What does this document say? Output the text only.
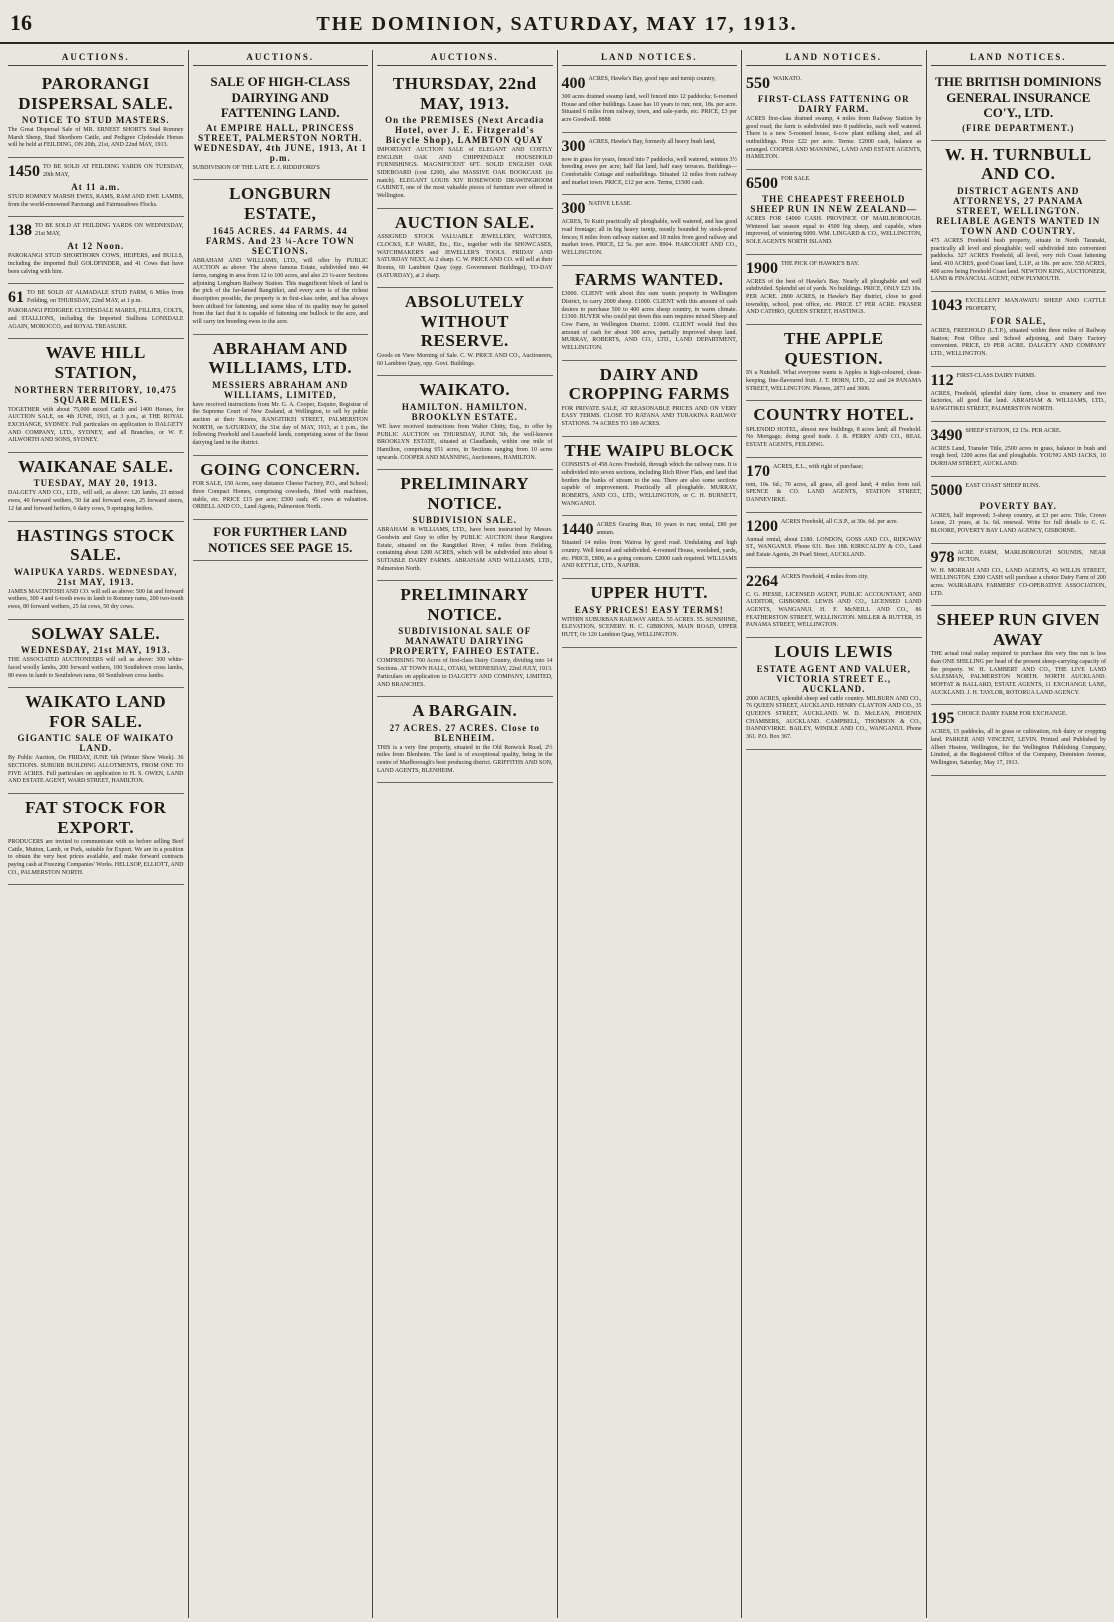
16	THE DOMINION, SATURDAY, MAY 17, 1913.
AUCTIONS.
PARORANGI DISPERSAL SALE.
NOTICE TO STUD MASTERS.
The Great Dispersal Sale of MR. ERNEST SHORT'S Stud Romney Marsh Sheep, Stud Shorthorn Cattle, and Pedigree Clydesdale Horses will be held at FEILDING, ON 20th, 21st, AND 22nd MAY, 1913.
1450 TO BE SOLD AT FEILDING YARDS ON TUESDAY, 20th MAY,
At 11 a.m.
STUD ROMNEY MARSH EWES, RAMS, RAM AND EWE LAMBS, from the world-renowned Parorangi and Fairmeadows Flocks.
138 TO BE SOLD AT FEILDING YARDS ON WEDNESDAY, 21st MAY,
At 12 Noon.
PARORANGI STUD SHORTHORN COWS, HEIFERS, and BULLS, including the imported Bull GOLDFINDER, and 41 Cows that have been calving with him.
61 TO BE SOLD AT ALMADALE STUD FARM, 6 Miles from Feilding, on THURSDAY, 22nd MAY, at 1 p.m.
PARORANGI PEDIGREE CLYDESDALE MARES, FILLIES, COLTS, and STALLIONS, including the Imported Stallions LONSDALE AGAIN, MOROCCO, and ROYAL TREASURE.
WAVE HILL STATION,
NORTHERN TERRITORY, 10,475 SQUARE MILES.
TOGETHER with about 75,000 mixed Cattle and 1400 Horses, for AUCTION SALE, on 4th JUNE, 1913, at 3 p.m., at THE ROYAL EXCHANGE, SYDNEY. Full particulars on application to DALGETY AND COMPANY, LTD., SYDNEY, and all Branches, or W. F. AILWORTH AND SONS, SYDNEY.
WAIKANAE SALE.
TUESDAY, MAY 20, 1913.
DALGETY AND CO., LTD., will sell, as above: 120 lambs, 23 mixed ewes, 40 forward wethers, 50 fat and forward ewes, 25 forward steers, 12 fat and forward heifers, 6 dairy cows, 9 springing heifers.
HASTINGS STOCK SALE.
WAIPUKA YARDS. WEDNESDAY, 21st MAY, 1913.
JAMES MACINTOSH AND CO. will sell as above: 500 fat and forward wethers, 300 4 and 6-tooth ewes in lamb to Romney rams, 200 two-tooth ewes, 80 forward wethers, 25 fat cows, 50 dry cows.
SOLWAY SALE.
WEDNESDAY, 21st MAY, 1913.
THE ASSOCIATED AUCTIONEERS will sell as above: 300 white-faced woolly lambs, 200 forward wethers, 100 Southdown cross lambs, 80 ewes in lamb to Southdown rams, 60 Southdown cross lambs.
WAIKATO LAND FOR SALE.
GIGANTIC SALE OF WAIKATO LAND.
By Public Auction, On FRIDAY, JUNE 6th (Winter Show Week). 36 SECTIONS. SUBURB BUILDING ALLOTMENTS, FROM ONE TO FIVE ACRES. Full particulars on application to H. S. OWEN, LAND AND ESTATE AGENT, WARD STREET, HAMILTON.
FAT STOCK FOR EXPORT.
PRODUCERS are invited to communicate with us before selling Beef Cattle, Mutton, Lamb, or Pork, suitable for Export. We are in a position to obtain the very best prices available, and make forward contracts paying cash at Freezing Companies' Works. HELLSOP, ELLIOTT, AND CO., PALMERSTON NORTH.
AUCTIONS.
SALE OF HIGH-CLASS DAIRYING AND FATTENING LAND.
At EMPIRE HALL, PRINCESS STREET, PALMERSTON NORTH. WEDNESDAY, 4th JUNE, 1913, At 1 p.m.
SUBDIVISION OF THE LATE E. J. RIDDIFORD'S
LONGBURN ESTATE,
1645 ACRES. 44 FARMS. 44 FARMS. And 23 ¼-Acre TOWN SECTIONS.
ABRAHAM AND WILLIAMS, LTD., will offer by PUBLIC AUCTION as above: The above famous Estate, subdivided into 44 farms, ranging in area from 12 to 100 acres, and also 23 ¼-acre Sections adjoining Longburn Railway Station. This magnificent block of land is the pick of the far-famed Rangitikei, and every acre is of the richest description possible, the property is in first-class order, and has always been utilised for fattening, and some idea of its quality may be gained from the fact that it is capable of fattening one bullock to the acre, and will carry ten breeding ewes to the acre.
ABRAHAM AND WILLIAMS, LTD.
MESSIERS ABRAHAM AND WILLIAMS, LIMITED,
have received instructions from Mr. G. A. Cooper, Esquire, Registrar of the Supreme Court of New Zealand, at Wellington, to sell by public auction at their Rooms, RANGITIKEI STREET, PALMERSTON NORTH, on SATURDAY, the 31st day of MAY, 1913, at 1 p.m., the following Freehold and Leasehold lands, comprising some of the finest dairying land in the district.
GOING CONCERN.
FOR SALE, 150 Acres, easy distance Cheese Factory, P.O., and School; three Compact Homes, comprising cowsheds, fitted with machines, stable, etc. PRICE £15 per acre; £500 cash; 45 cows at valuation. ORBELL AND CO., Land Agents, Palmerston North.
FOR FURTHER LAND NOTICES SEE PAGE 15.
AUCTIONS.
THURSDAY, 22nd MAY, 1913.
On the PREMISES (Next Arcadia Hotel, over J. E. Fitzgerald's Bicycle Shop), LAMBTON QUAY
IMPORTANT AUCTION SALE of ELEGANT AND COSTLY ENGLISH OAK AND CHIPPENDALE HOUSEHOLD FURNISHINGS. MAGNIFICENT 6FT. SOLID ENGLISH OAK SIDEBOARD (cost £200), also MASSIVE OAK BOOKCASE (to match). ELEGANT LOUIS XIV ROSEWOOD DRAWINGROOM CABINET, one of the most valuable pieces of furniture ever offered in Wellington.
AUCTION SALE.
ASSIGNED STOCK VALUABLE JEWELLERY, WATCHES, CLOCKS, E.P. WARE, Etc., Etc., together with the SHOWCASES, WATCHMAKER'S and JEWELLER'S TOOLS. FRIDAY AND SATURDAY NEXT, At 2 sharp. C. W. PRICE AND CO. will sell at their Rooms, 60 Lambton Quay (opp. Government Buildings), TO-DAY (SATURDAY), at 2 sharp.
ABSOLUTELY WITHOUT RESERVE.
Goods on View Morning of Sale. C. W. PRICE AND CO., Auctioneers, 60 Lambton Quay, opp. Govt. Buildings.
WAIKATO.
HAMILTON. HAMILTON. BROOKLYN ESTATE.
WE have received instructions from Walter Chitty, Esq., to offer by PUBLIC AUCTION on THURSDAY, JUNE 5th, the well-known BROOKLYN ESTATE, situated at Claudlands, within one mile of Hamilton, comprising 651 acres, in Sections ranging from 10 acres upwards. COOPER AND MANNING, Auctioneers, HAMILTON.
PRELIMINARY NOTICE.
SUBDIVISION SALE.
ABRAHAM & WILLIAMS, LTD., have been instructed by Messrs. Goodwin and Gray to offer by PUBLIC AUCTION these Rangiora Estate, situated on the Rangitikei River, 4 miles from Feilding, containing about 1200 ACRES, which will be subdivided into about 6 SUITABLE DAIRY FARMS. ABRAHAM AND WILLIAMS, LTD., Palmerston North.
PRELIMINARY NOTICE.
SUBDIVISIONAL SALE OF MANAWATU DAIRYING PROPERTY, FAIHEO ESTATE.
COMPRISING 700 Acres of first-class Dairy Country, dividing into 14 Sections. AT TOWN HALL, OTAKI, WEDNESDAY, 22nd JULY, 1913. Particulars on application to DALGETY AND COMPANY, LIMITED, AND BRANCHES.
A BARGAIN.
27 ACRES. 27 ACRES. Close to BLENHEIM.
THIS is a very fine property, situated in the Old Renwick Road, 2½ miles from Blenheim. The land is of exceptional quality, being in the centre of Marlborough's best producing district. GRIFFITHS AND SON, LAND AGENTS, BLENHEIM.
LAND NOTICES.
400 ACRES, Hawke's Bay, good rape and turnip country,
300 acres drained swamp land, well fenced into 12 paddocks; 6-roomed House and other buildings. Lease has 10 years to run; rent, 18s. per acre. Situated 6 miles from railway, town, and sale-yards, etc. PRICE, £3 per acre Goodwill. 8888
300 ACRES, Hawke's Bay, formerly all heavy bush land,
now in grass for years, fenced into 7 paddocks, well watered, winters 3½ breeding ewes per acre; half flat land, half easy terraces. Buildings—Comfortable Cottage and outbuildings. Situated 12 miles from railway and market town. PRICE, £12 per acre. Terms, £1500 cash.
300 NATIVE LEASE.
ACRES, Te Kuiti practically all ploughable, well watered, and has good road frontage; all in big heavy turnip, mostly bounded by stock-proof fences; 8 miles from railway station and 18 miles from good railway and market town. PRICE, £2 5s. per acre. 8904. HARCOURT AND CO., WELLINGTON.
FARMS WANTED.
£3000. CLIENT with about this sum wants property in Wellington District, to carry 2000 sheep. £1000. CLIENT with this amount of cash desires to purchase 500 to 400 acres sheep country, in warm climate. £1300. BUYER who could put down this sum requires mixed Sheep and Cow Farm, in Wellington District. £1000. CLIENT would find this amount of cash for about 300 acres, partially improved sheep land. MURRAY, ROBERTS, AND CO., LTD., LAND DEPARTMENT, WELLINGTON.
DAIRY AND CROPPING FARMS
FOR PRIVATE SALE, AT REASONABLE PRICES AND ON VERY EASY TERMS. CLOSE TO RATANA AND TURAKINA RAILWAY STATIONS. 74 ACRES TO 189 ACRES.
THE WAIPU BLOCK
CONSISTS of 458 Acres Freehold, through which the railway runs. It is subdivided into seven sections, including Rich River Flats, and land that borders the banks of stream to the sea. There are also some sections capable of improvement. Practically all ploughable. MURRAY, ROBERTS, AND CO., LTD., WELLINGTON, or C. H. BURNETT, WANGANUI.
1440 ACRES Grazing Run, 16 years to run; rental, £80 per annum.
Situated 14 miles from Wairoa by good road. Undulating and high country. Well fenced and subdivided. 4-roomed House, woolshed, yards, etc. PRICE, £800, as a going concern. £2000 cash required. WILLIAMS AND KETTLE, LTD., NAPIER.
UPPER HUTT.
EASY PRICES! EASY TERMS!
WITHIN SUBURBAN RAILWAY AREA. 55 ACRES. 55. SUNSHINE, ELEVATION, SCENERY. H. C. GIBBONS, MAIN ROAD, UPPER HUTT, Or 120 Lambton Quay, WELLINGTON.
LAND NOTICES.
550 WAIKATO.
FIRST-CLASS FATTENING OR DAIRY FARM.
ACRES first-class drained swamp, 4 miles from Railway Station by good road; the farm is subdivided into 8 paddocks, each well watered. There is a new 5-roomed house, 6-cow plant milking shed, and all outbuildings. Price £22 per acre. Terms: £2000 cash, balance as arranged. COOPER AND MANNING, LAND AND ESTATE AGENTS, HAMILTON.
6500 FOR SALE.
THE CHEAPEST FREEHOLD SHEEP RUN IN NEW ZEALAND—
ACRES FOR £4000 CASH. PROVINCE OF MARLBOROUGH. Wintered last season equal to 4500 big sheep, and capable, when improved, of wintering 6000. WM. LINGARD & CO., WELLINGTON, SOLE AGENTS NORTH ISLAND.
1900 THE PICK OF HAWKE'S BAY.
ACRES of the best of Hawke's Bay. Nearly all ploughable and well subdivided. Splendid set of yards. No buildings. PRICE, ONLY £23 10s. PER ACRE. 2800 ACRES, in Hawke's Bay district, close to good township, school, post office, etc. PRICE £7 PER ACRE. FRASER AND CATHRO, QUEEN STREET, HASTINGS.
THE APPLE QUESTION.
IN a Nutshell. What everyone wants is Apples is high-coloured, clean-keeping, fine-flavoured fruit. J. T. HORN, LTD., 22 and 24 PANAMA STREET, WELLINGTON. Phones, 2873 and 3606.
COUNTRY HOTEL.
SPLENDID HOTEL, almost new buildings, 8 acres land; all Freehold. No Mortgage; doing good trade. J. R. PERRY AND CO., REAL ESTATE AGENTS, FEILDING.
170 ACRES, E.L., with right of purchase;
rent, 10s. 6d.; 70 acres, all grass, all good land; 4 miles from rail. SPENCE & CO. LAND AGENTS, STATION STREET, DANNEVIRKE.
1200 ACRES Freehold, all C.S.P., at 30s. 6d. per acre.
Annual rental, about £180. LONDON, GOSS AND CO., RIDGWAY ST., WANGANUI. Phone 631. Box 188. KIRKCALDY & CO., Land and Estate Agents, 29 Pearl Street, AUCKLAND.
2264 ACRES Freehold, 4 miles from city.
C. G. PIESSE, LICENSED AGENT, PUBLIC ACCOUNTANT, AND AUDITOR, GISBORNE. LEWIS AND CO., LICENSED LAND AGENTS, WANGANUI. H. F. McNEILL AND CO., 86 FEATHERSTON STREET, WELLINGTON. MILLER & RUTTER, 35 PANAMA STREET, WELLINGTON.
LOUIS LEWIS
ESTATE AGENT AND VALUER, VICTORIA STREET E., AUCKLAND.
2000 ACRES, splendid sheep and cattle country. MILBURN AND CO., 76 QUEEN STREET, AUCKLAND. HENRY CLAYTON AND CO., 35 QUEEN'S STREET, AUCKLAND. W. D. McLEAN, PHOENIX CHAMBERS, AUCKLAND. CAMPBELL, THOMSON & CO., DANNEVIRKE. BAILEY, WINDLE AND CO., WANGANUI. Phone 361. P.O. Box 367.
LAND NOTICES.
THE BRITISH DOMINIONS GENERAL INSURANCE CO'Y., LTD.
(FIRE DEPARTMENT.)
W. H. TURNBULL AND CO.
DISTRICT AGENTS AND ATTORNEYS, 27 PANAMA STREET, WELLINGTON. RELIABLE AGENTS WANTED IN TOWN AND COUNTRY.
475 ACRES Freehold bush property, situate in North Taranaki, practically all level and ploughable; well subdivided into convenient paddocks. 327 ACRES Freehold, all level, very rich Coast fattening land. 410 ACRES, good Coast land, L.I.P., at 18s. per acre. 550 ACRES, 400 acres being Freehold Coast land. NEWTON KING, AUCTIONEER, LAND & FINANCIAL AGENT, NEW PLYMOUTH.
1043 EXCELLENT MANAWATU SHEEP AND CATTLE PROPERTY,
FOR SALE,
ACRES, FREEHOLD (L.T.P.), situated within three miles of Railway Station; Post Office and School adjoining, and Dairy Factory convenient. PRICE, £9 PER ACRE. DALGETY AND COMPANY LTD., WELLINGTON.
112 FIRST-CLASS DAIRY FARMS.
ACRES, Freehold, splendid dairy farm, close to creamery and two factories, all good flat land. ABRAHAM & WILLIAMS, LTD., RANGITIKEI STREET, PALMERSTON NORTH.
3490 SHEEP STATION, £2 15s. PER ACRE.
ACRES Land, Transfer Title, 2500 acres in grass, balance in bush and rough feed, 1200 acres flat and ploughable. YOUNG AND JACKS, 10 DURHAM STREET, AUCKLAND.
5000 EAST COAST SHEEP RUNS.
POVERTY BAY.
ACRES, half improved; 3-sheep country, at £3 per acre. Title, Crown Lease, 21 years, at 1s. 6d. renewal. Write for full details to C. G. BLOORE, POVERTY BAY LAND AGENCY, GISBORNE.
978 ACRE FARM, MARLBOROUGH SOUNDS, NEAR PICTON.
W. H. MORRAH AND CO., LAND AGENTS, 43 WILLIS STREET, WELLINGTON. £300 CASH will purchase a choice Dairy Farm of 200 acres. WAIRARAPA FARMERS' CO-OPERATIVE ASSOCIATION, LTD.
SHEEP RUN GIVEN AWAY
THE actual total outlay required to purchase this very fine run is less than ONE SHILLING per head of the present sheep-carrying capacity of the property. W. H. LAMBERT AND CO., THE LIVE LAND SALESMAN, PALMERSTON NORTH. NORTH AUCKLAND. MOFFAT & BALLARD, ESTATE AGENTS, 11 EXCHANGE LANE, AUCKLAND. J. H. TAYLOR, ROTORUA LAND AGENCY.
195 CHOICE DAIRY FARM FOR EXCHANGE.
ACRES, 15 paddocks, all in grass or cultivation, rich dairy or cropping land. PARKER AND VINCENT, LEVIN. Printed and Published by Albert Heaton, Wellington, for the Wellington Publishing Company, Limited, at the Registered Office of the Company, Dominion Avenue, Wellington, Saturday, May 17, 1913.
